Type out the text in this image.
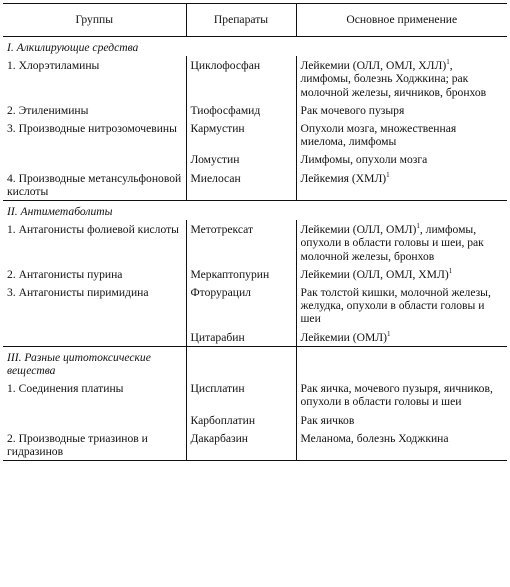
Группы	Препараты	Основное применение
I. Алкилирующие средства		
1. Хлорэтиламины	Циклофосфан	Лейкемии (ОЛЛ, ОМЛ, ХЛЛ)$^1$, лимфомы, болезнь Ходжкина; рак молочной железы, яичников, бронхов
2. Этиленимины	Тиофосфамид	Рак мочевого пузыря
3. Производные нитрозомочевины	Кармустин	Опухоли мозга, множественная миелома, лимфомы
	Ломустин	Лимфомы, опухоли мозга
4. Производные метансульфоновой кислоты	Миелосан	Лейкемия (ХМЛ)$^1$
II. Антиметаболиты		
1. Антагонисты фолиевой кислоты	Метотрексат	Лейкемии (ОЛЛ, ОМЛ)$^1$, лимфомы, опухоли в области головы и шеи, рак молочной железы, бронхов
2. Антагонисты пурина	Меркаптопурин	Лейкемии (ОЛЛ, ОМЛ, ХМЛ)$^1$
3. Антагонисты пиримидина	Фторурацил	Рак толстой кишки, молочной железы, желудка, опухоли в области головы и шеи
	Цитарабин	Лейкемии (ОМЛ)$^1$
III. Разные цитотоксические вещества		
1. Соединения платины	Цисплатин	Рак яичка, мочевого пузыря, яичников, опухоли в области головы и шеи
	Карбоплатин	Рак яичков
2. Производные триазинов и гидразинов	Дакарбазин	Меланома, болезнь Ходжкина
